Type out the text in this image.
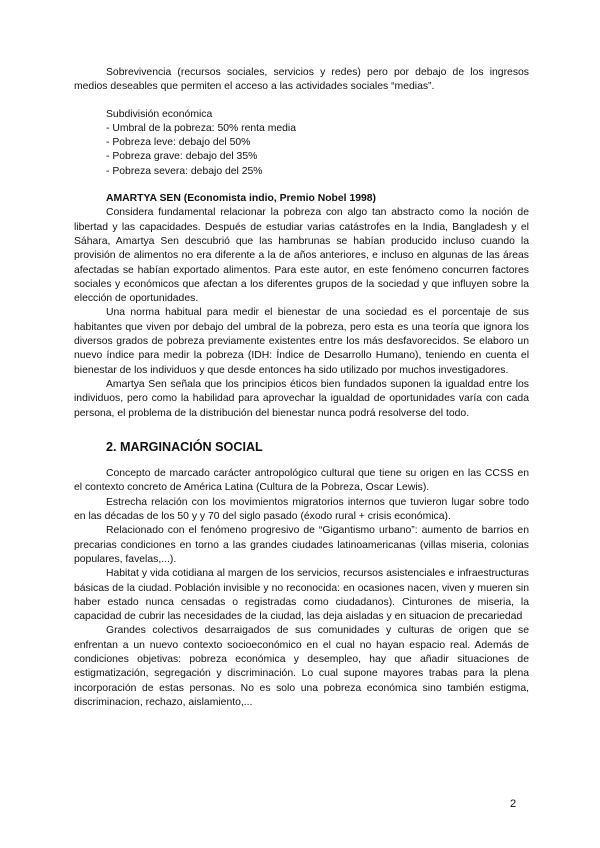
Sobrevivencia (recursos sociales, servicios y redes) pero por debajo de los ingresos medios deseables que permiten el acceso a las actividades sociales “medias”.

Subdivisión económica
- Umbral de la pobreza: 50% renta media
- Pobreza leve: debajo del 50%
- Pobreza grave: debajo del 35%
- Pobreza severa: debajo del 25%
AMARTYA SEN (Economista indio, Premio Nobel 1998)

Considera fundamental relacionar la pobreza con algo tan abstracto como la noción de libertad y las capacidades. Después de estudiar varias catástrofes en la India, Bangladesh y el Sáhara, Amartya Sen descubrió que las hambrunas se habían producido incluso cuando la provisión de alimentos no era diferente a la de años anteriores, e incluso en algunas de las áreas afectadas se habían exportado alimentos. Para este autor, en este fenómeno concurren factores sociales y económicos que afectan a los diferentes grupos de la sociedad y que influyen sobre la elección de oportunidades.

Una norma habitual para medir el bienestar de una sociedad es el porcentaje de sus habitantes que viven por debajo del umbral de la pobreza, pero esta es una teoría que ignora los diversos grados de pobreza previamente existentes entre los más desfavorecidos. Se elaboro un nuevo índice para medir la pobreza (IDH: Índice de Desarrollo Humano), teniendo en cuenta el bienestar de los individuos y que desde entonces ha sido utilizado por muchos investigadores.

Amartya Sen señala que los principios éticos bien fundados suponen la igualdad entre los individuos, pero como la habilidad para aprovechar la igualdad de oportunidades varía con cada persona, el problema de la distribución del bienestar nunca podrá resolverse del todo.

2. MARGINACIÓN SOCIAL

Concepto de marcado carácter antropológico cultural que tiene su origen en las CCSS en el contexto concreto de América Latina (Cultura de la Pobreza, Oscar Lewis).

Estrecha relación con los movimientos migratorios internos que tuvieron lugar sobre todo en las décadas de los 50 y y 70 del siglo pasado (éxodo rural + crisis económica).

Relacionado con el fenómeno progresivo de “Gigantismo urbano”: aumento de barrios en precarias condiciones en torno a las grandes ciudades latinoamericanas (villas miseria, colonias populares, favelas,...).

Habitat y vida cotidiana al margen de los servicios, recursos asistenciales e infraestructuras básicas de la ciudad. Población invisible y no reconocida: en ocasiones nacen, viven y mueren sin haber estado nunca censadas o registradas como ciudadanos). Cinturones de miseria, la capacidad de cubrir las necesidades de la ciudad, las deja aisladas y en situacion de precariedad

Grandes colectivos desarraigados de sus comunidades y culturas de origen que se enfrentan a un nuevo contexto socioeconómico en el cual no hayan espacio real. Además de condiciones objetivas: pobreza económica y desempleo, hay que añadir situaciones de estigmatización, segregación y discriminación. Lo cual supone mayores trabas para la plena incorporación de estas personas. No es solo una pobreza económica sino también estigma, discriminacion, rechazo, aislamiento,...

2
